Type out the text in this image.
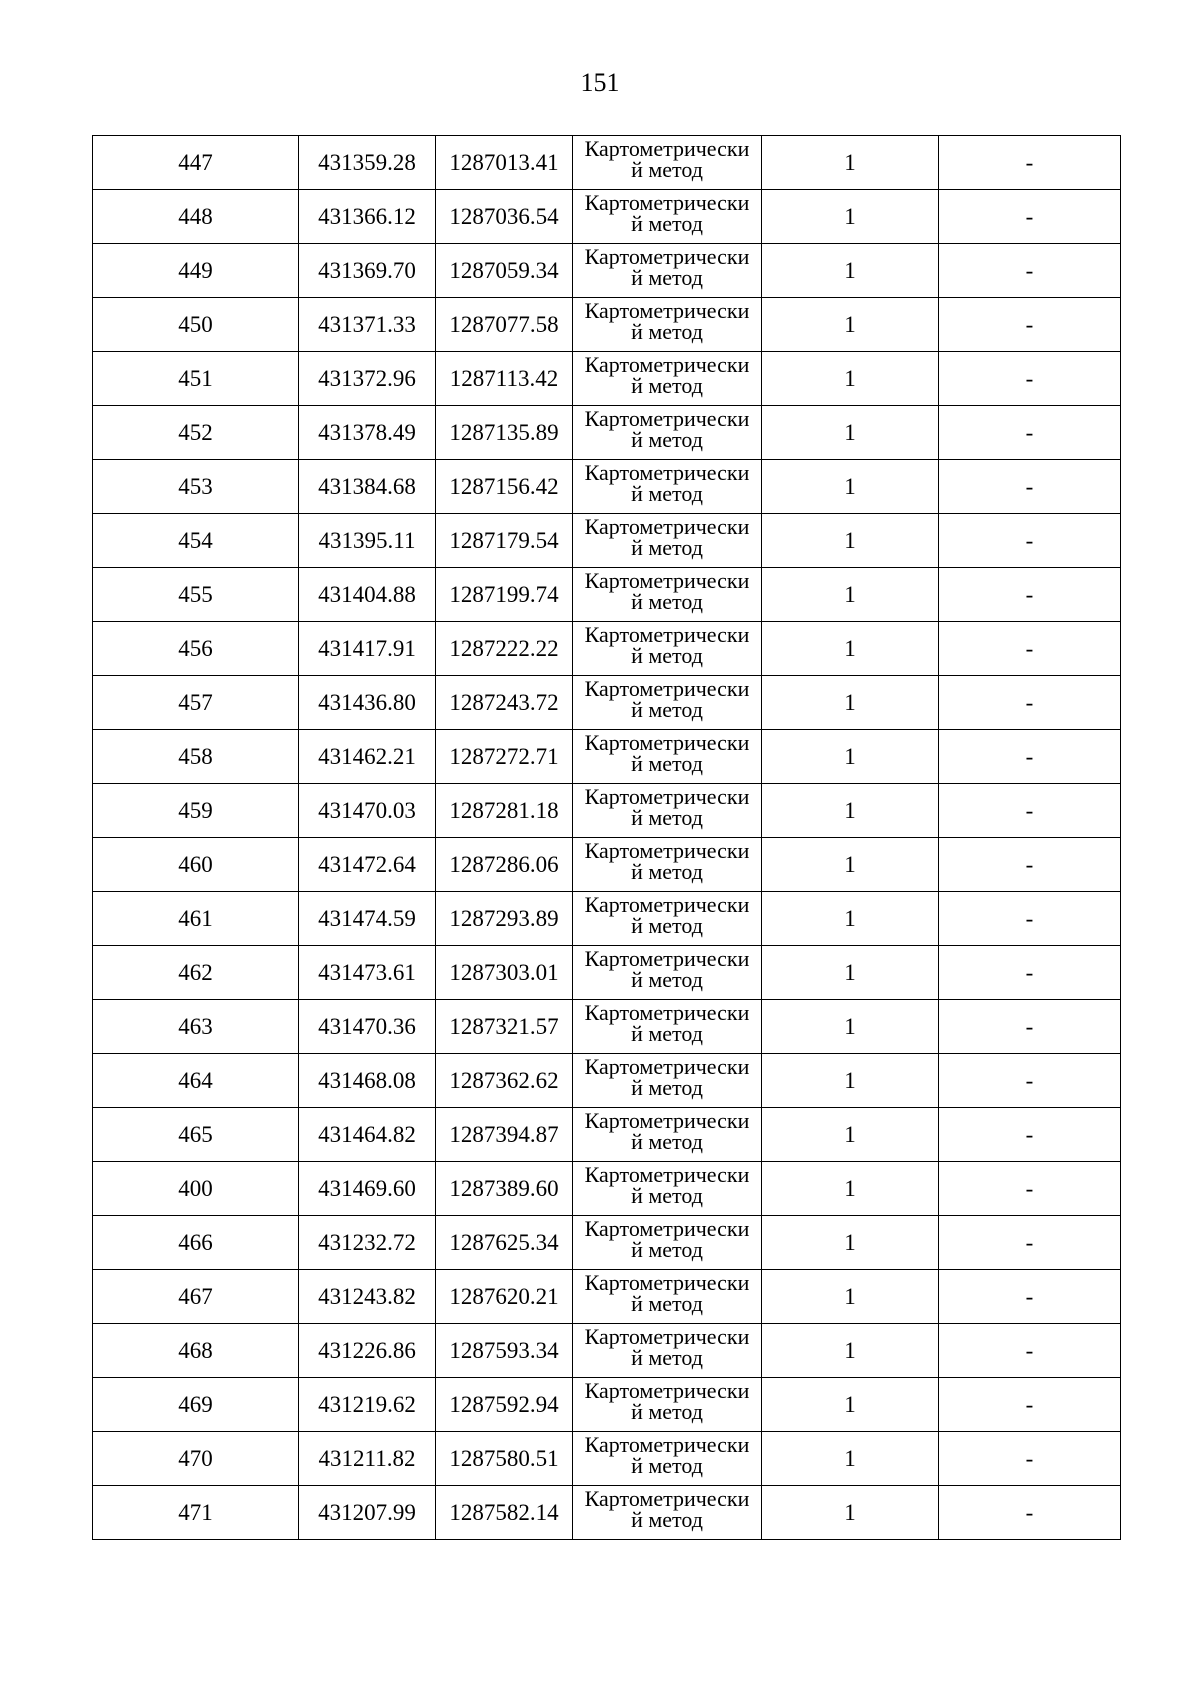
151
447	431359.28	1287013.41	Картометрически
й метод	1	-
448	431366.12	1287036.54	Картометрически
й метод	1	-
449	431369.70	1287059.34	Картометрически
й метод	1	-
450	431371.33	1287077.58	Картометрически
й метод	1	-
451	431372.96	1287113.42	Картометрически
й метод	1	-
452	431378.49	1287135.89	Картометрически
й метод	1	-
453	431384.68	1287156.42	Картометрически
й метод	1	-
454	431395.11	1287179.54	Картометрически
й метод	1	-
455	431404.88	1287199.74	Картометрически
й метод	1	-
456	431417.91	1287222.22	Картометрически
й метод	1	-
457	431436.80	1287243.72	Картометрически
й метод	1	-
458	431462.21	1287272.71	Картометрически
й метод	1	-
459	431470.03	1287281.18	Картометрически
й метод	1	-
460	431472.64	1287286.06	Картометрически
й метод	1	-
461	431474.59	1287293.89	Картометрически
й метод	1	-
462	431473.61	1287303.01	Картометрически
й метод	1	-
463	431470.36	1287321.57	Картометрически
й метод	1	-
464	431468.08	1287362.62	Картометрически
й метод	1	-
465	431464.82	1287394.87	Картометрически
й метод	1	-
400	431469.60	1287389.60	Картометрически
й метод	1	-
466	431232.72	1287625.34	Картометрически
й метод	1	-
467	431243.82	1287620.21	Картометрически
й метод	1	-
468	431226.86	1287593.34	Картометрически
й метод	1	-
469	431219.62	1287592.94	Картометрически
й метод	1	-
470	431211.82	1287580.51	Картометрически
й метод	1	-
471	431207.99	1287582.14	Картометрически
й метод	1	-
